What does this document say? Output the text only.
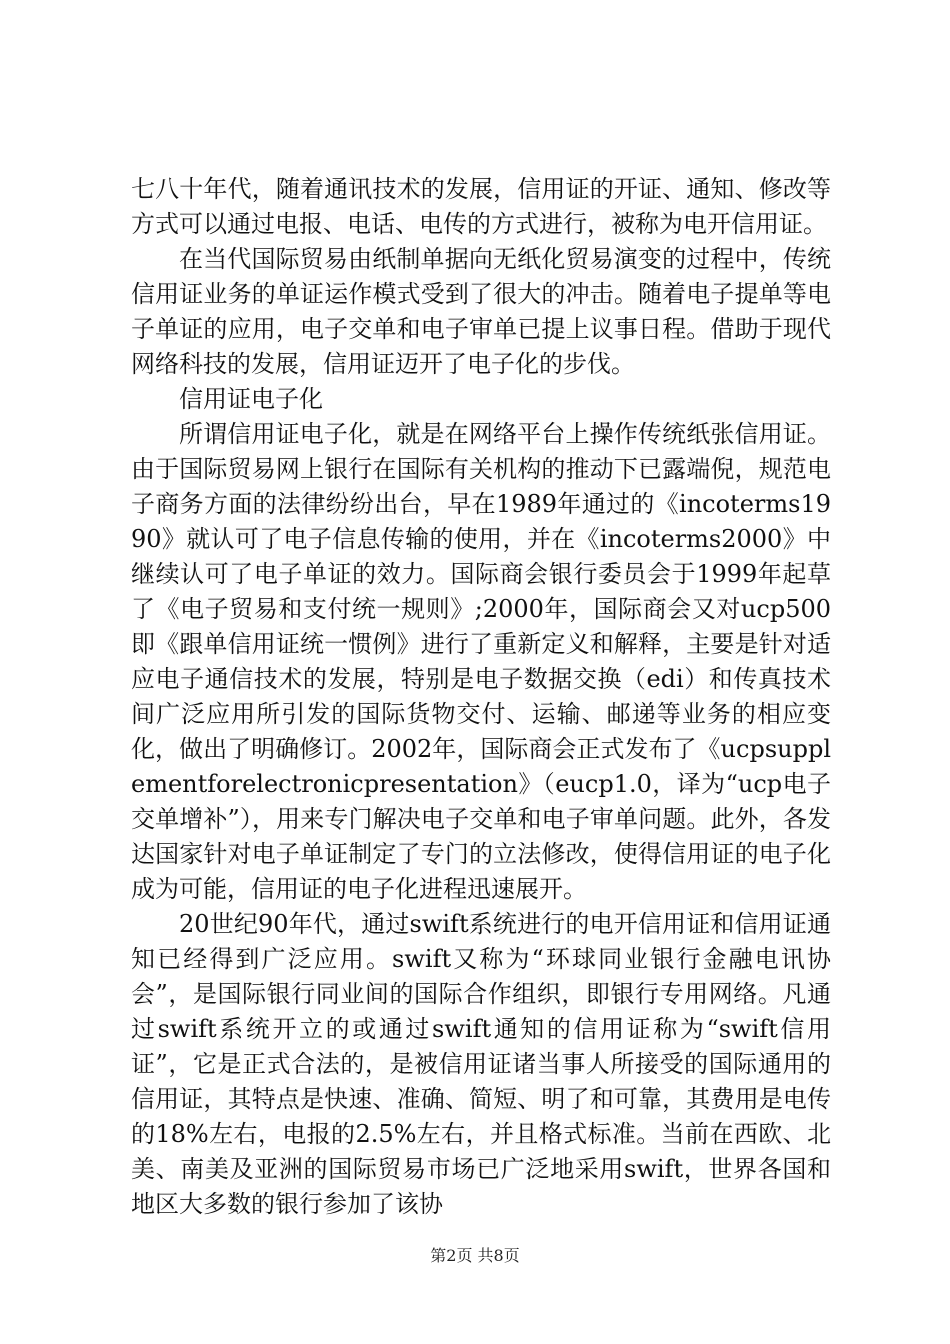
七八十年代，随着通讯技术的发展，信用证的开证、通知、修改等方式可以通过电报、电话、电传的方式进行，被称为电开信用证。

在当代国际贸易由纸制单据向无纸化贸易演变的过程中，传统信用证业务的单证运作模式受到了很大的冲击。随着电子提单等电子单证的应用，电子交单和电子审单已提上议事日程。借助于现代网络科技的发展，信用证迈开了电子化的步伐。

信用证电子化

所谓信用证电子化，就是在网络平台上操作传统纸张信用证。由于国际贸易网上银行在国际有关机构的推动下已露端倪，规范电子商务方面的法律纷纷出台，早在1989年通过的《incoterms1990》就认可了电子信息传输的使用，并在《incoterms2000》中继续认可了电子单证的效力。国际商会银行委员会于1999年起草了《电子贸易和支付统一规则》;2000年，国际商会又对ucp500即《跟单信用证统一惯例》进行了重新定义和解释，主要是针对适应电子通信技术的发展，特别是电子数据交换（edi）和传真技术间广泛应用所引发的国际货物交付、运输、邮递等业务的相应变化，做出了明确修订。2002年，国际商会正式发布了《ucpsupplementforelectronicpresentation》（eucp1.0，译为“ucp电子交单增补”），用来专门解决电子交单和电子审单问题。此外，各发达国家针对电子单证制定了专门的立法修改，使得信用证的电子化成为可能，信用证的电子化进程迅速展开。

20世纪90年代，通过swift系统进行的电开信用证和信用证通知已经得到广泛应用。swift又称为“环球同业银行金融电讯协会”，是国际银行同业间的国际合作组织，即银行专用网络。凡通过swift系统开立的或通过swift通知的信用证称为“swift信用证”，它是正式合法的，是被信用证诸当事人所接受的国际通用的信用证，其特点是快速、准确、简短、明了和可靠，其费用是电传的18%左右，电报的2.5%左右，并且格式标准。当前在西欧、北美、南美及亚洲的国际贸易市场已广泛地采用swift，世界各国和地区大多数的银行参加了该协

第2页 共8页
